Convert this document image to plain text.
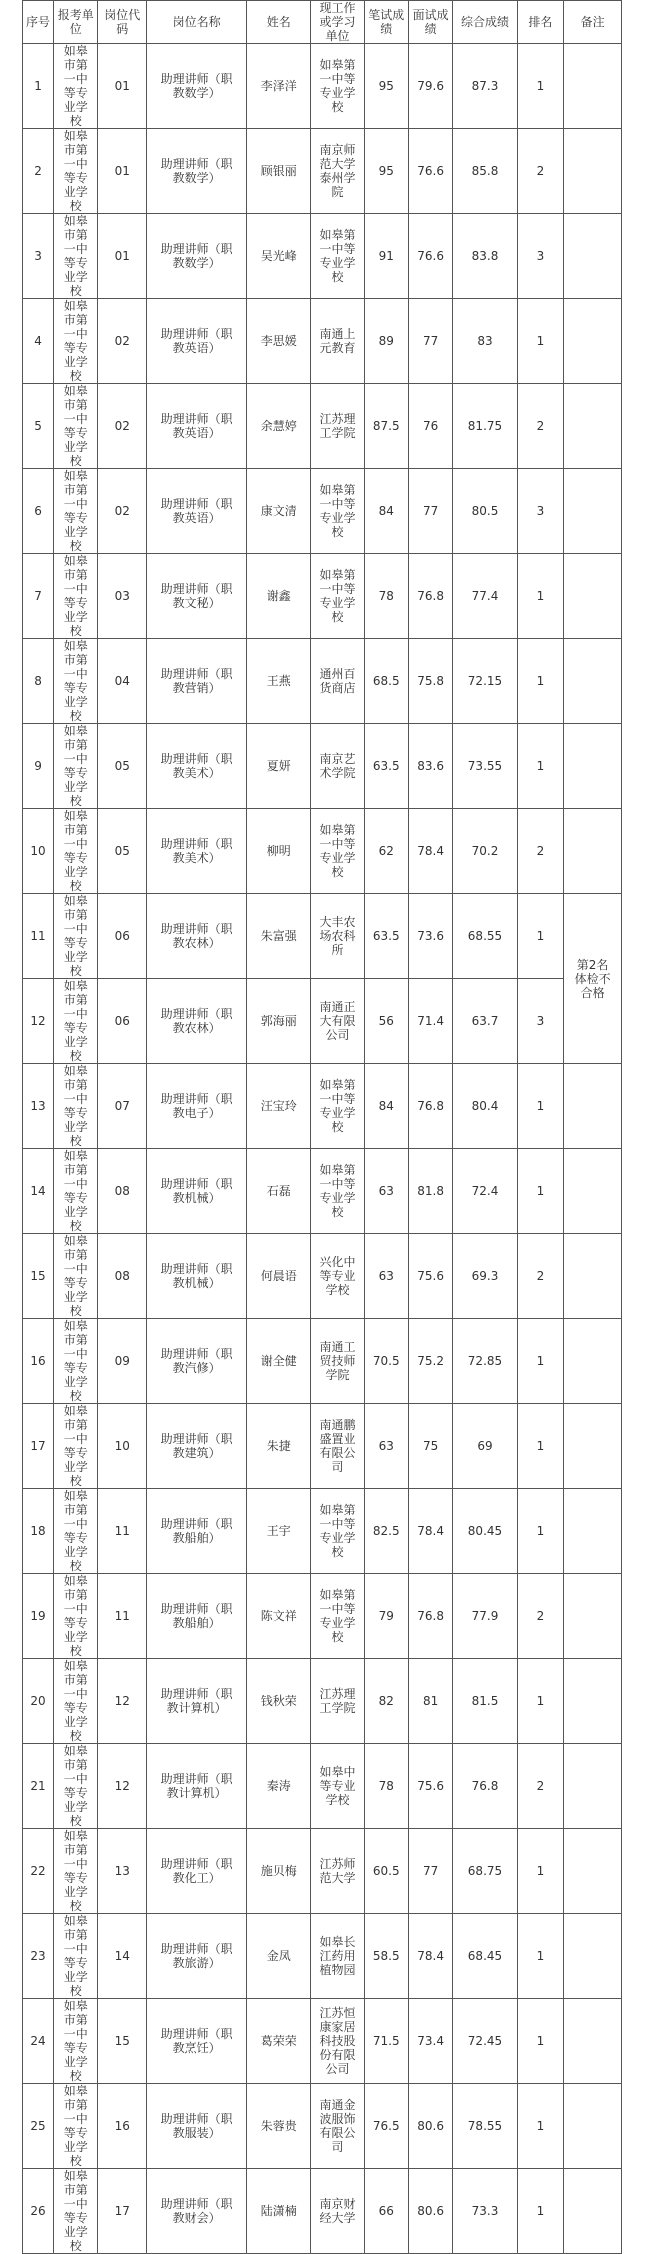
序号	报考单位	岗位代码	岗位名称	姓名	现工作或学习单位	笔试成绩	面试成绩	综合成绩	排名	备注
1	如皋市第一中等专业学校	01	助理讲师（职教数学）	李泽洋	如皋第一中等专业学校	95	79.6	87.3	1	
2	如皋市第一中等专业学校	01	助理讲师（职教数学）	顾银丽	南京师范大学泰州学院	95	76.6	85.8	2	
3	如皋市第一中等专业学校	01	助理讲师（职教数学）	吴光峰	如皋第一中等专业学校	91	76.6	83.8	3	
4	如皋市第一中等专业学校	02	助理讲师（职教英语）	李思媛	南通上元教育	89	77	83	1	
5	如皋市第一中等专业学校	02	助理讲师（职教英语）	余慧婷	江苏理工学院	87.5	76	81.75	2	
6	如皋市第一中等专业学校	02	助理讲师（职教英语）	康文清	如皋第一中等专业学校	84	77	80.5	3	
7	如皋市第一中等专业学校	03	助理讲师（职教文秘）	谢鑫	如皋第一中等专业学校	78	76.8	77.4	1	
8	如皋市第一中等专业学校	04	助理讲师（职教营销）	王燕	通州百货商店	68.5	75.8	72.15	1	
9	如皋市第一中等专业学校	05	助理讲师（职教美术）	夏妍	南京艺术学院	63.5	83.6	73.55	1	
10	如皋市第一中等专业学校	05	助理讲师（职教美术）	柳明	如皋第一中等专业学校	62	78.4	70.2	2	
11	如皋市第一中等专业学校	06	助理讲师（职教农林）	朱富强	大丰农场农科所	63.5	73.6	68.55	1	第2名体检不合格
12	如皋市第一中等专业学校	06	助理讲师（职教农林）	郭海丽	南通正大有限公司	56	71.4	63.7	3	
13	如皋市第一中等专业学校	07	助理讲师（职教电子）	汪宝玲	如皋第一中等专业学校	84	76.8	80.4	1	
14	如皋市第一中等专业学校	08	助理讲师（职教机械）	石磊	如皋第一中等专业学校	63	81.8	72.4	1	
15	如皋市第一中等专业学校	08	助理讲师（职教机械）	何晨语	兴化中等专业学校	63	75.6	69.3	2	
16	如皋市第一中等专业学校	09	助理讲师（职教汽修）	谢全健	南通工贸技师学院	70.5	75.2	72.85	1	
17	如皋市第一中等专业学校	10	助理讲师（职教建筑）	朱捷	南通鹏盛置业有限公司	63	75	69	1	
18	如皋市第一中等专业学校	11	助理讲师（职教船舶）	王宇	如皋第一中等专业学校	82.5	78.4	80.45	1	
19	如皋市第一中等专业学校	11	助理讲师（职教船舶）	陈文祥	如皋第一中等专业学校	79	76.8	77.9	2	
20	如皋市第一中等专业学校	12	助理讲师（职教计算机）	钱秋荣	江苏理工学院	82	81	81.5	1	
21	如皋市第一中等专业学校	12	助理讲师（职教计算机）	秦涛	如皋中等专业学校	78	75.6	76.8	2	
22	如皋市第一中等专业学校	13	助理讲师（职教化工）	施贝梅	江苏师范大学	60.5	77	68.75	1	
23	如皋市第一中等专业学校	14	助理讲师（职教旅游）	金凤	如皋长江药用植物园	58.5	78.4	68.45	1	
24	如皋市第一中等专业学校	15	助理讲师（职教烹饪）	葛荣荣	江苏恒康家居科技股份有限公司	71.5	73.4	72.45	1	
25	如皋市第一中等专业学校	16	助理讲师（职教服装）	朱蓉贵	南通金波服饰有限公司	76.5	80.6	78.55	1	
26	如皋市第一中等专业学校	17	助理讲师（职教财会）	陆潇楠	南京财经大学	66	80.6	73.3	1	
